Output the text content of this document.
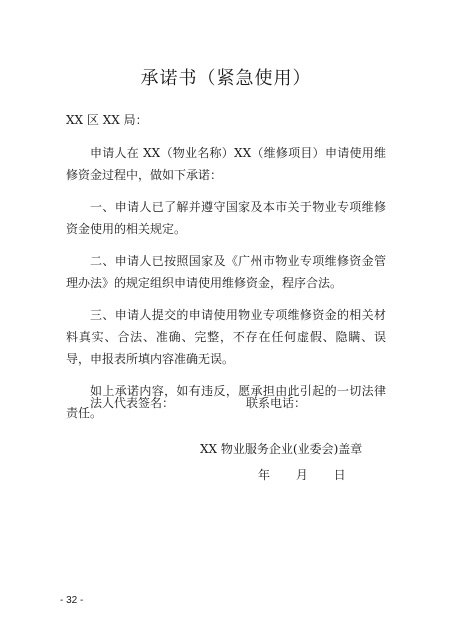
承诺书（紧急使用）
XX 区 XX 局：

申请人在 XX（物业名称）XX（维修项目）申请使用维修资金过程中，做如下承诺：

一、申请人已了解并遵守国家及本市关于物业专项维修资金使用的相关规定。

二、申请人已按照国家及《广州市物业专项维修资金管理办法》的规定组织申请使用维修资金，程序合法。

三、申请人提交的申请使用物业专项维修资金的相关材料真实、合法、准确、完整，不存在任何虚假、隐瞒、误导，申报表所填内容准确无误。

如上承诺内容，如有违反，愿承担由此引起的一切法律责任。

法人代表签名：	联系电话：
XX 物业服务企业(业委会)盖章
年 月 日
- 32 -
